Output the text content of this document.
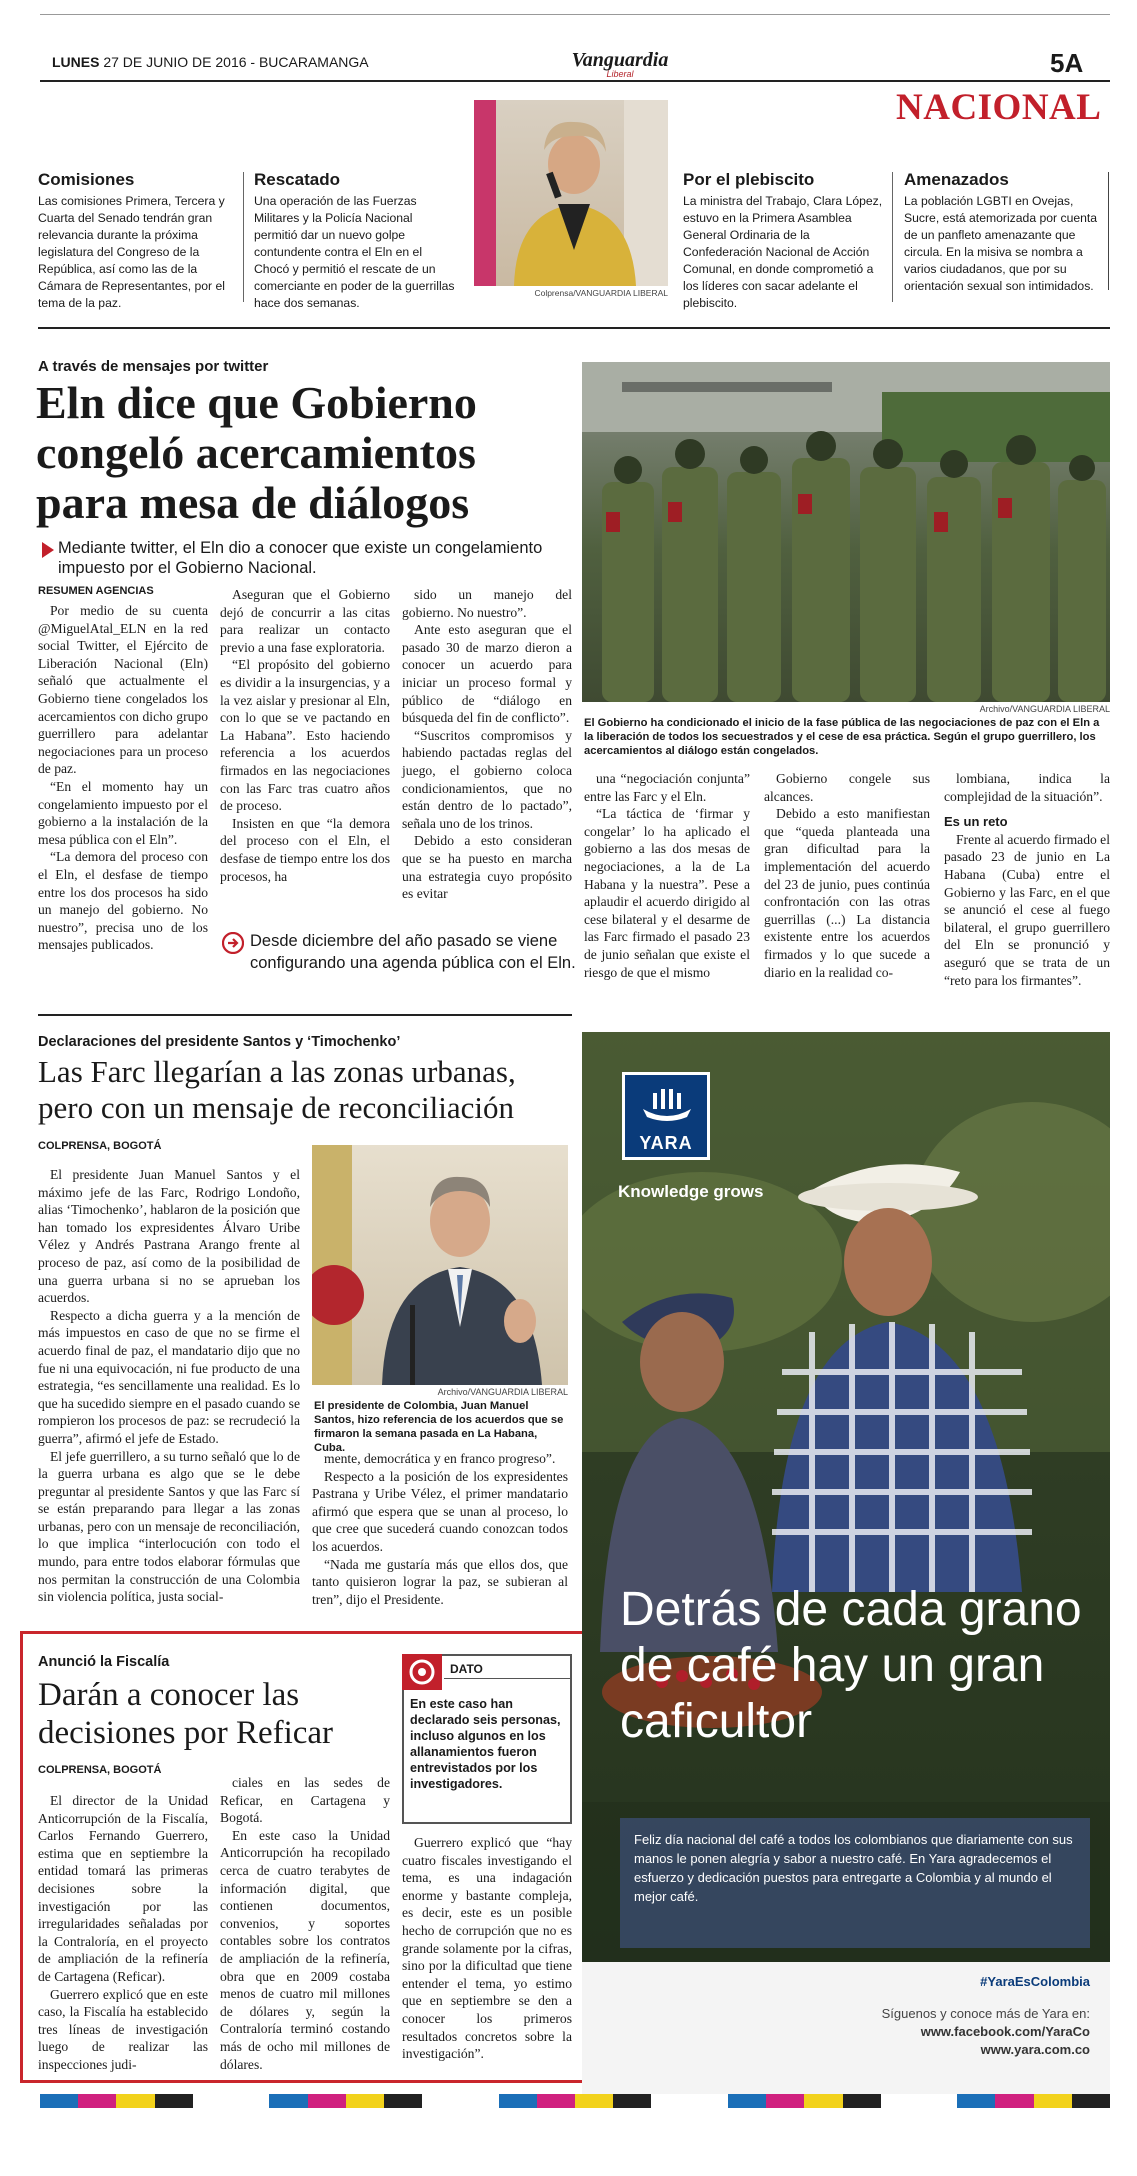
LUNES 27 DE JUNIO DE 2016 - BUCARAMANGA	Vanguardia
Liberal	5A
NACIONAL
Comisiones

Las comisiones Primera, Tercera y Cuarta del Senado tendrán gran relevancia durante la próxima legislatura del Congreso de la República, así como las de la Cámara de Representantes, por el tema de la paz.

Rescatado

Una operación de las Fuerzas Militares y la Policía Nacional permitió dar un nuevo golpe contundente contra el Eln en el Chocó y permitió el rescate de un comerciante en poder de la guerrillas hace dos semanas.

Colprensa/VANGUARDIA LIBERAL
Por el plebiscito

La ministra del Trabajo, Clara López, estuvo en la Primera Asamblea General Ordinaria de la Confederación Nacional de Acción Comunal, en donde comprometió a los líderes con sacar adelante el plebiscito.

Amenazados

La población LGBTI en Ovejas, Sucre, está atemorizada por cuenta de un panfleto amenazante que circula. En la misiva se nombra a varios ciudadanos, que por su orientación sexual son intimidados.

A través de mensajes por twitter
Eln dice que Gobierno congeló acercamientos para mesa de diálogos
Mediante twitter, el Eln dio a conocer que existe un congelamiento impuesto por el Gobierno Nacional.
RESUMEN AGENCIAS

Por medio de su cuenta @MiguelAtal_ELN en la red social Twitter, el Ejército de Liberación Nacional (Eln) señaló que actualmente el Gobierno tiene congelados los acercamientos con dicho grupo guerrillero para adelantar negociaciones para un proceso de paz.

“En el momento hay un congelamiento impuesto por el gobierno a la instalación de la mesa pública con el Eln”.

“La demora del proceso con el Eln, el desfase de tiempo entre los dos procesos ha sido un manejo del gobierno. No nuestro”, precisa uno de los mensajes publicados.

Aseguran que el Gobierno dejó de concurrir a las citas para realizar un contacto previo a una fase exploratoria.

“El propósito del gobierno es dividir a la insurgencias, y a la vez aislar y presionar al Eln, con lo que se ve pactando en La Habana”. Esto haciendo referencia a los acuerdos firmados en las negociaciones con las Farc tras cuatro años de proceso.

Insisten en que “la demora del proceso con el Eln, el desfase de tiempo entre los dos procesos, ha

sido un manejo del gobierno. No nuestro”.

Ante esto aseguran que el pasado 30 de marzo dieron a conocer un acuerdo para iniciar un proceso formal y público de “diálogo en búsqueda del fin de conflicto”.

“Suscritos compromisos y habiendo pactadas reglas del juego, el gobierno coloca condicionamientos, que no están dentro de lo pactado”, señala uno de los trinos.

Debido a esto consideran que se ha puesto en marcha una estrategia cuyo propósito es evitar

Desde diciembre del año pasado se viene configurando una agenda pública con el Eln.
Archivo/VANGUARDIA LIBERAL
El Gobierno ha condicionado el inicio de la fase pública de las negociaciones de paz con el Eln a la liberación de todos los secuestrados y el cese de esa práctica. Según el grupo guerrillero, los acercamientos al diálogo están congelados.

una “negociación conjunta” entre las Farc y el Eln.

“La táctica de ‘firmar y congelar’ lo ha aplicado el gobierno a las dos mesas de negociaciones, a la de La Habana y la nuestra”. Pese a aplaudir el acuerdo dirigido al cese bilateral y el desarme de las Farc firmado el pasado 23 de junio señalan que existe el riesgo de que el mismo

Gobierno congele sus alcances.

Debido a esto manifiestan que “queda planteada una gran dificultad para la implementación del acuerdo del 23 de junio, pues continúa confrontación con las otras guerrillas (...) La distancia existente entre los acuerdos firmados y lo que sucede a diario en la realidad co-

lombiana, indica la complejidad de la situación”.

Es un reto

Frente al acuerdo firmado el pasado 23 de junio en La Habana (Cuba) entre el Gobierno y las Farc, en el que se anunció el cese al fuego bilateral, el grupo guerrillero del Eln se pronunció y aseguró que se trata de un “reto para los firmantes”.

Declaraciones del presidente Santos y ‘Timochenko’
Las Farc llegarían a las zonas urbanas, pero con un mensaje de reconciliación
COLPRENSA, BOGOTÁ

El presidente Juan Manuel Santos y el máximo jefe de las Farc, Rodrigo Londoño, alias ‘Timochenko’, hablaron de la posición que han tomado los expresidentes Álvaro Uribe Vélez y Andrés Pastrana Arango frente al proceso de paz, así como de la posibilidad de una guerra urbana si no se aprueban los acuerdos.

Respecto a dicha guerra y a la mención de más impuestos en caso de que no se firme el acuerdo final de paz, el mandatario dijo que no fue ni una equivocación, ni fue producto de una estrategia, “es sencillamente una realidad. Es lo que ha sucedido siempre en el pasado cuando se rompieron los procesos de paz: se recrudeció la guerra”, afirmó el jefe de Estado.

El jefe guerrillero, a su turno señaló que lo de la guerra urbana es algo que se le debe preguntar al presidente Santos y que las Farc sí se están preparando para llegar a las zonas urbanas, pero con un mensaje de reconciliación, lo que implica “interlocución con todo el mundo, para entre todos elaborar fórmulas que nos permitan la construcción de una Colombia sin violencia política, justa social-

Archivo/VANGUARDIA LIBERAL
El presidente de Colombia, Juan Manuel Santos, hizo referencia de los acuerdos que se firmaron la semana pasada en La Habana, Cuba.

mente, democrática y en franco progreso”.

Respecto a la posición de los expresidentes Pastrana y Uribe Vélez, el primer mandatario afirmó que espera que se unan al proceso, lo que cree que sucederá cuando conozcan todos los acuerdos.

“Nada me gustaría más que ellos dos, que tanto quisieron lograr la paz, se subieran al tren”, dijo el Presidente.

Anunció la Fiscalía
Darán a conocer las decisiones por Reficar
COLPRENSA, BOGOTÁ

El director de la Unidad Anticorrupción de la Fiscalía, Carlos Fernando Guerrero, estima que en septiembre la entidad tomará las primeras decisiones sobre la investigación por las irregularidades señaladas por la Contraloría, en el proyecto de ampliación de la refinería de Cartagena (Reficar).

Guerrero explicó que en este caso, la Fiscalía ha establecido tres líneas de investigación luego de realizar las inspecciones judi-

ciales en las sedes de Reficar, en Cartagena y Bogotá.

En este caso la Unidad Anticorrupción ha recopilado cerca de cuatro terabytes de información digital, que contienen documentos, convenios, y soportes contables sobre los contratos de ampliación de la refinería, obra que en 2009 costaba menos de cuatro mil millones de dólares y, según la Contraloría terminó costando más de ocho mil millones de dólares.

DATO
En este caso han declarado seis personas, incluso algunos en los allanamientos fueron entrevistados por los investigadores.

Guerrero explicó que “hay cuatro fiscales investigando el tema, es una indagación enorme y bastante compleja, es decir, este es un posible hecho de corrupción que no es grande solamente por la cifras, sino por la dificultad que tiene entender el tema, yo estimo que en septiembre se den a conocer los primeros resultados concretos sobre la investigación”.

YARA
Knowledge grows
Detrás de cada grano de café hay un gran caficultor
Feliz día nacional del café a todos los colombianos que diariamente con sus manos le ponen alegría y sabor a nuestro café. En Yara agradecemos el esfuerzo y dedicación puestos para entregarte a Colombia y al mundo el mejor café.
#YaraEsColombia
Síguenos y conoce más de Yara en:
www.facebook.com/YaraCo
www.yara.com.co
